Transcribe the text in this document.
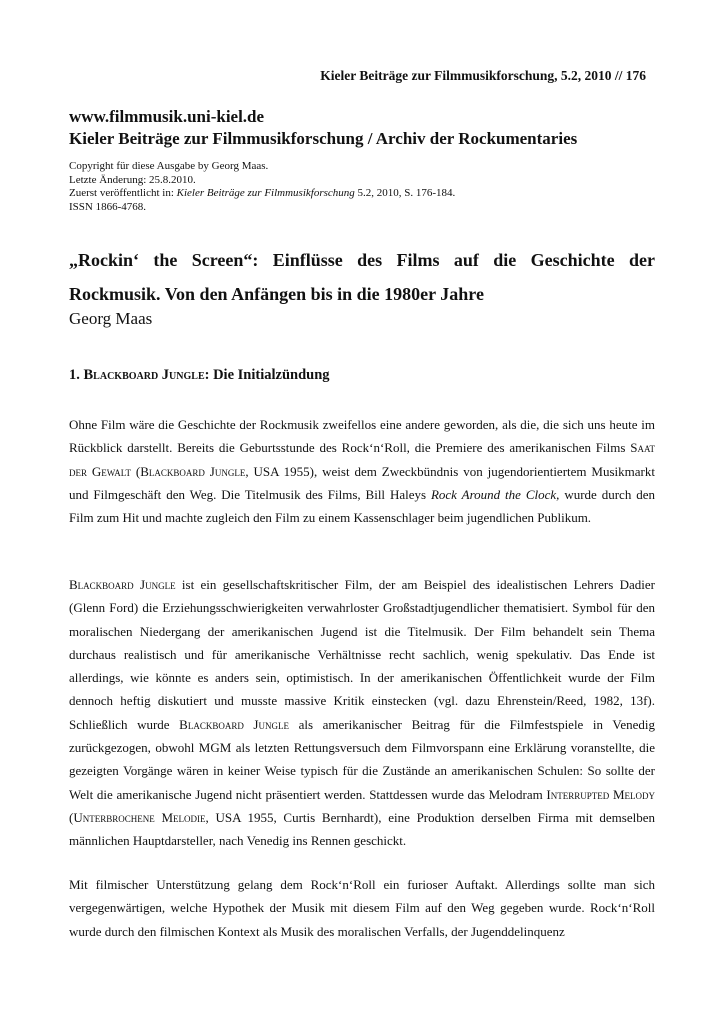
Kieler Beiträge zur Filmmusikforschung, 5.2, 2010 // 176
www.filmmusik.uni-kiel.de
Kieler Beiträge zur Filmmusikforschung / Archiv der Rockumentaries
Copyright für diese Ausgabe by Georg Maas.
Letzte Änderung: 25.8.2010.
Zuerst veröffentlicht in: Kieler Beiträge zur Filmmusikforschung 5.2, 2010, S. 176-184.
ISSN 1866-4768.
„Rockin‘ the Screen“: Einflüsse des Films auf die Geschichte der Rockmusik. Von den Anfängen bis in die 1980er Jahre
Georg Maas
1. Blackboard Jungle: Die Initialzündung

Ohne Film wäre die Geschichte der Rockmusik zweifellos eine andere geworden, als die, die sich uns heute im Rückblick darstellt. Bereits die Geburtsstunde des Rock‘n‘Roll, die Premiere des amerikanischen Films Saat der Gewalt (Blackboard Jungle, USA 1955), weist dem Zweckbündnis von jugendorientiertem Musikmarkt und Filmgeschäft den Weg. Die Titelmusik des Films, Bill Haleys Rock Around the Clock, wurde durch den Film zum Hit und machte zugleich den Film zu einem Kassenschlager beim jugendlichen Publikum.

Blackboard Jungle ist ein gesellschaftskritischer Film, der am Beispiel des idealistischen Lehrers Dadier (Glenn Ford) die Erziehungsschwierigkeiten verwahrloster Großstadtjugendlicher thematisiert. Symbol für den moralischen Niedergang der amerikanischen Jugend ist die Titelmusik. Der Film behandelt sein Thema durchaus realistisch und für amerikanische Verhältnisse recht sachlich, wenig spekulativ. Das Ende ist allerdings, wie könnte es anders sein, optimistisch. In der amerikanischen Öffentlichkeit wurde der Film dennoch heftig diskutiert und musste massive Kritik einstecken (vgl. dazu Ehrenstein/Reed, 1982, 13f). Schließlich wurde Blackboard Jungle als amerikanischer Beitrag für die Filmfestspiele in Venedig zurückgezogen, obwohl MGM als letzten Rettungsversuch dem Filmvorspann eine Erklärung voranstellte, die gezeigten Vorgänge wären in keiner Weise typisch für die Zustände an amerikanischen Schulen: So sollte der Welt die amerikanische Jugend nicht präsentiert werden. Stattdessen wurde das Melodram Interrupted Melody (Unterbrochene Melodie, USA 1955, Curtis Bernhardt), eine Produktion derselben Firma mit demselben männlichen Hauptdarsteller, nach Venedig ins Rennen geschickt.

Mit filmischer Unterstützung gelang dem Rock‘n‘Roll ein furioser Auftakt. Allerdings sollte man sich vergegenwärtigen, welche Hypothek der Musik mit diesem Film auf den Weg gegeben wurde. Rock‘n‘Roll wurde durch den filmischen Kontext als Musik des moralischen Verfalls, der Jugenddelinquenz
